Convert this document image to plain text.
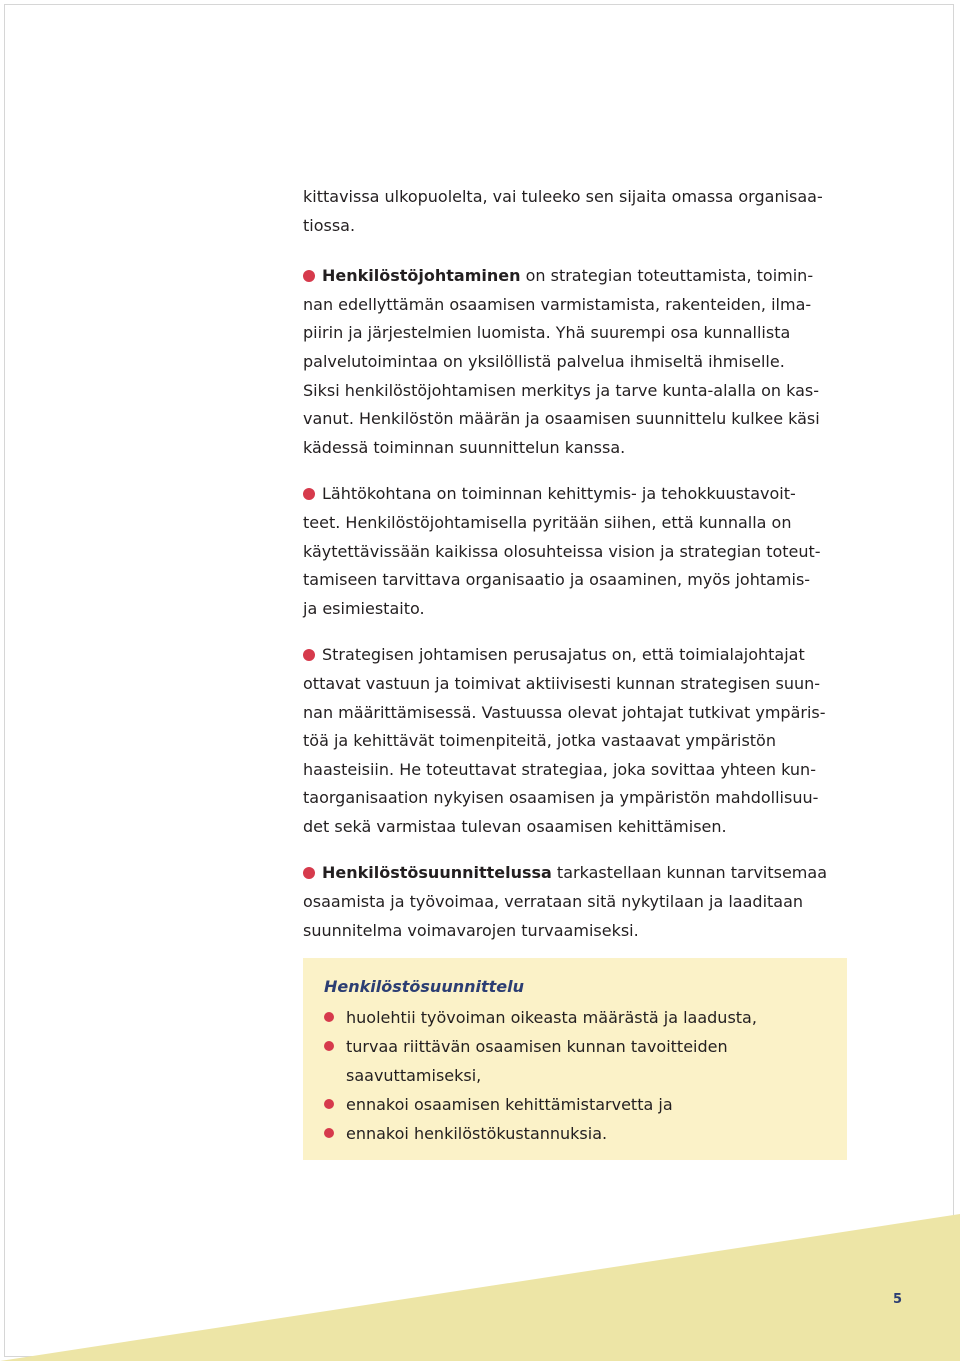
kittavissa ulkopuolelta, vai tuleeko sen sijaita omassa organisaa-
tiossa.

Henkilöstöjohtaminen on strategian toteuttamista, toimin-
nan edellyttämän osaamisen varmistamista, rakenteiden, ilma-
piirin ja järjestelmien luomista. Yhä suurempi osa kunnallista
palvelutoimintaa on yksilöllistä palvelua ihmiseltä ihmiselle.
Siksi henkilöstöjohtamisen merkitys ja tarve kunta-alalla on kas-
vanut. Henkilöstön määrän ja osaamisen suunnittelu kulkee käsi
kädessä toiminnan suunnittelun kanssa.

Lähtökohtana on toiminnan kehittymis- ja tehokkuustavoit-
teet. Henkilöstöjohtamisella pyritään siihen, että kunnalla on
käytettävissään kaikissa olosuhteissa vision ja strategian toteut-
tamiseen tarvittava organisaatio ja osaaminen, myös johtamis-
ja esimiestaito.

Strategisen johtamisen perusajatus on, että toimialajohtajat
ottavat vastuun ja toimivat aktiivisesti kunnan strategisen suun-
nan määrittämisessä. Vastuussa olevat johtajat tutkivat ympäris-
töä ja kehittävät toimenpiteitä, jotka vastaavat ympäristön
haasteisiin. He toteuttavat strategiaa, joka sovittaa yhteen kun-
taorganisaation nykyisen osaamisen ja ympäristön mahdollisuu-
det sekä varmistaa tulevan osaamisen kehittämisen.

Henkilöstösuunnittelussa tarkastellaan kunnan tarvitsemaa
osaamista ja työvoimaa, verrataan sitä nykytilaan ja laaditaan
suunnitelma voimavarojen turvaamiseksi.

Henkilöstösuunnittelu

huolehtii työvoiman oikeasta määrästä ja laadusta,
turvaa riittävän osaamisen kunnan tavoitteiden
saavuttamiseksi,
ennakoi osaamisen kehittämistarvetta ja
ennakoi henkilöstökustannuksia.
5
